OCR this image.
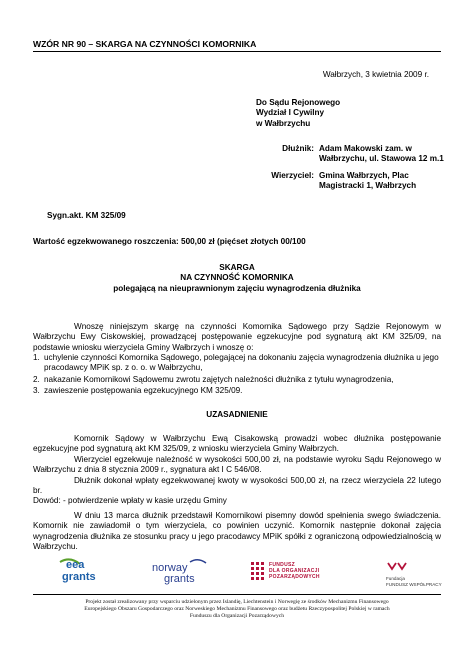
WZÓR NR 90 – SKARGA NA CZYNNOŚCI KOMORNIKA
Wałbrzych, 3 kwietnia 2009 r.
Do Sądu Rejonowego
Wydział I Cywilny
w Wałbrzychu
Dłużnik: Adam Makowski zam. w
Wałbrzychu, ul. Stawowa 12 m.1
Wierzyciel: Gmina Wałbrzych, Plac
Magistracki 1, Wałbrzych
Sygn.akt. KM 325/09
Wartość egzekwowanego roszczenia: 500,00 zł (pięćset złotych 00/100
SKARGA
NA CZYNNOŚĆ KOMORNIKA
polegającą na nieuprawnionym zajęciu wynagrodzenia dłużnika
Wnoszę niniejszym skargę na czynności Komornika Sądowego przy Sądzie Rejonowym w Wałbrzychu Ewy Ciskowskiej, prowadzącej postępowanie egzekucyjne pod sygnaturą akt KM 325/09, na podstawie wniosku wierzyciela Gminy Wałbrzych i wnoszę o:
1. uchylenie czynności Komornika Sądowego, polegającej na dokonaniu zajęcia wynagrodzenia dłużnika u jego pracodawcy MPiK sp. z o. o. w Wałbrzychu,
2. nakazanie Komornikowi Sądowemu zwrotu zajętych należności dłużnika z tytułu wynagrodzenia,
3. zawieszenie postępowania egzekucyjnego KM 325/09.
UZASADNIENIE
Komornik Sądowy w Wałbrzychu Ewą Cisakowską prowadzi wobec dłużnika postępowanie egzekucyjne pod sygnaturą akt KM 325/09, z wniosku wierzyciela Gminy Wałbrzych.
Wierzyciel egzekwuje należność w wysokości 500,00 zł, na podstawie wyroku Sądu Rejonowego w Wałbrzychu z dnia 8 stycznia 2009 r., sygnatura akt I C 546/08.
Dłużnik dokonał wpłaty egzekwowanej kwoty w wysokości 500,00 zł, na rzecz wierzyciela 22 lutego br.
Dowód: - potwierdzenie wpłaty w kasie urzędu Gminy
W dniu 13 marca dłużnik przedstawił Komornikowi pisemny dowód spełnienia swego świadczenia. Komornik nie zawiadomił o tym wierzyciela, co powinien uczynić. Komornik następnie dokonał zajęcia wynagrodzenia dłużnika ze stosunku pracy u jego pracodawcy MPiK spółki z ograniczoną odpowiedzialnością w Wałbrzychu.
eea
grants
norway
grants
FUNDUSZ
DLA ORGANIZACJI
POZARZĄDOWYCH	Fundacja
FUNDUSZ WSPÓŁPRACY
Projekt został zrealizowany przy wsparciu udzielonym przez Islandię, Liechtenstein i Norwegię ze środków Mechanizmu Finansowego
Europejskiego Obszaru Gospodarczego oraz Norweskiego Mechanizmu Finansowego oraz budżetu Rzeczypospolitej Polskiej w ramach
Funduszu dla Organizacji Pozarządowych
